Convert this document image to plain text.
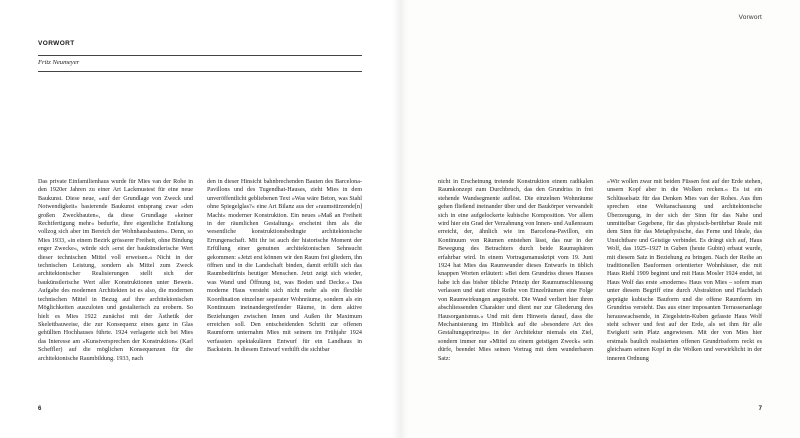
VORWORT
Fritz Neumeyer
Das private Einfamilienhaus wurde für Mies van der Rohe in den 1920er Jahren zu einer Art Lackmustest für eine neue Baukunst. Diese neue, »auf der Grundlage von Zweck und Notwendigkeit« basierende Baukunst entsprang zwar »den großen Zweckbauten«, da diese Grundlage »keiner Rechtfertigung mehr« bedurfte, ihre eigentliche Entfaltung vollzog sich aber im Bereich der Wohnhausbauten«. Denn, so Mies 1933, »in einem Bezirk grösserer Freiheit, ohne Bindung enger Zwecke«, würde sich »erst der baukünstlerische Wert dieser technischen Mittel voll erweisen.« Nicht in der technischen Leistung, sondern als Mittel zum Zweck architektonischer Realisierungen stellt sich der baukünstlerische Wert aller Konstruktionen unter Beweis. Aufgabe des modernen Architekten ist es also, die modernen technischen Mittel in Bezug auf ihre architektonischen Möglichkeiten auszuloten und gestalterisch zu erobern. So hielt es Mies 1922 zunächst mit der Ästhetik der Skelettbauweise, die zur Konsequenz eines ganz in Glas gehüllten Hochhauses führte. 1924 verlagerte sich bei Mies das Interesse am »Kunstversprechen der Konstruktion« (Karl Scheffler) auf die möglichen Konsequenzen für die architektonische Raumbildung. 1933, nach
den in dieser Hinsicht bahnbrechenden Bauten des Barcelona-Pavillons und des Tugendhat-Hauses, zieht Mies in dem unveröffentlicht gebliebenen Text »Was wäre Beton, was Stahl ohne Spiegelglas?« eine Art Bilanz aus der »raumstürzende[n] Macht« moderner Konstruktion. Ein neues »Maß an Freiheit in der räumlichen Gestaltung« erscheint ihm als die wesentliche konstruktionsbedingte architektonische Errungenschaft. Mit ihr ist auch der historische Moment der Erfüllung einer genuinen architektonischen Sehnsucht gekommen: »Jetzt erst können wir den Raum frei gliedern, ihn öffnen und in die Landschaft binden, damit erfüllt sich das Raumbedürfnis heutiger Menschen. Jetzt zeigt sich wieder, was Wand und Öffnung ist, was Boden und Decke.« Das moderne Haus versteht sich nicht mehr als ein flexible Koordination einzelner separater Wohnräume, sondern als ein Kontinuum ineinandergreifender Räume, in dem aktive Beziehungen zwischen Innen und Außen ihr Maximum erreichen soll. Den entscheidenden Schritt zur offenen Raumform unternahm Mies mit seinem im Frühjahr 1924 verfassten spektakulären Entwurf für ein Landhaus in Backstein. In diesem Entwurf verhilft die sichtbar
6
Vorwort
nicht in Erscheinung tretende Konstruktion einem radikalen Raumkonzept zum Durchbruch, das den Grundriss in frei stehende Wandsegmente auflöst. Die einzelnen Wohnräume gehen fließend ineinander über und der Baukörper verwandelt sich in eine aufgelockerte kubische Komposition. Vor allem wird hier ein Grad der Verzahnung von Innen- und Außenraum erreicht, der, ähnlich wie im Barcelona-Pavillon, ein Kontinuum von Räumen entstehen lässt, das nur in der Bewegung des Betrachters durch beide Raumsphären erfahrbar wird. In einem Vortragsmanuskript vom 19. Juni 1924 hat Mies das Raumwunder dieses Entwurfs in üblich knappen Worten erläutert: »Bei dem Grundriss dieses Hauses habe ich das bisher übliche Prinzip der Raumumschliessung verlassen und statt einer Reihe von Einzelräumen eine Folge von Raumwirkungen angestrebt. Die Wand verliert hier ihren abschliessenden Charakter und dient nur zur Gliederung des Hausorganismus.« Und mit dem Hinweis darauf, dass die Mechanisierung im Hinblick auf die »besondere Art des Gestaltungsprinzips« in der Architektur niemals ein Ziel, sondern immer nur »Mittel zu einem geistigen Zweck« sein dürfe, beendet Mies seinen Vortrag mit dem wunderbaren Satz:
»Wir wollen zwar mit beiden Füssen fest auf der Erde stehen, unsern Kopf aber in die Wolken recken.« Es ist ein Schlüsselsatz für das Denken Mies van der Rohes. Aus ihm sprechen eine Weltanschauung und architektonische Überzeugung, in der sich der Sinn für das Nahe und unmittelbar Gegebene, für das physisch-berührbar Reale mit dem Sinn für das Metaphysische, das Ferne und Ideale, das Unsichtbare und Geistige verbindet. Es drängt sich auf, Haus Wolf, das 1925–1927 in Guben (heute Gubin) erbaut wurde, mit diesem Satz in Beziehung zu bringen. Nach der Reihe an traditionellen Bauformen orientierter Wohnhäuser, die mit Haus Riehl 1909 beginnt und mit Haus Mosler 1924 endet, ist Haus Wolf das erste »moderne« Haus von Mies – sofern man unter diesem Begriff eine durch Abstraktion und Flachdach geprägte kubische Bauform und die offene Raumform im Grundriss versteht. Das aus einer imposanten Terrassenanlage herauswachsende, in Ziegelstein-Kuben gefasste Haus Wolf steht schwer und fest auf der Erde, als sei ihm für alle Ewigkeit sein Platz angewiesen. Mit der von Mies hier erstmals baulich realisierten offenen Grundrissform reckt es gleichsam seinen Kopf in die Wolken und verwirklicht in der inneren Ordnung
7
